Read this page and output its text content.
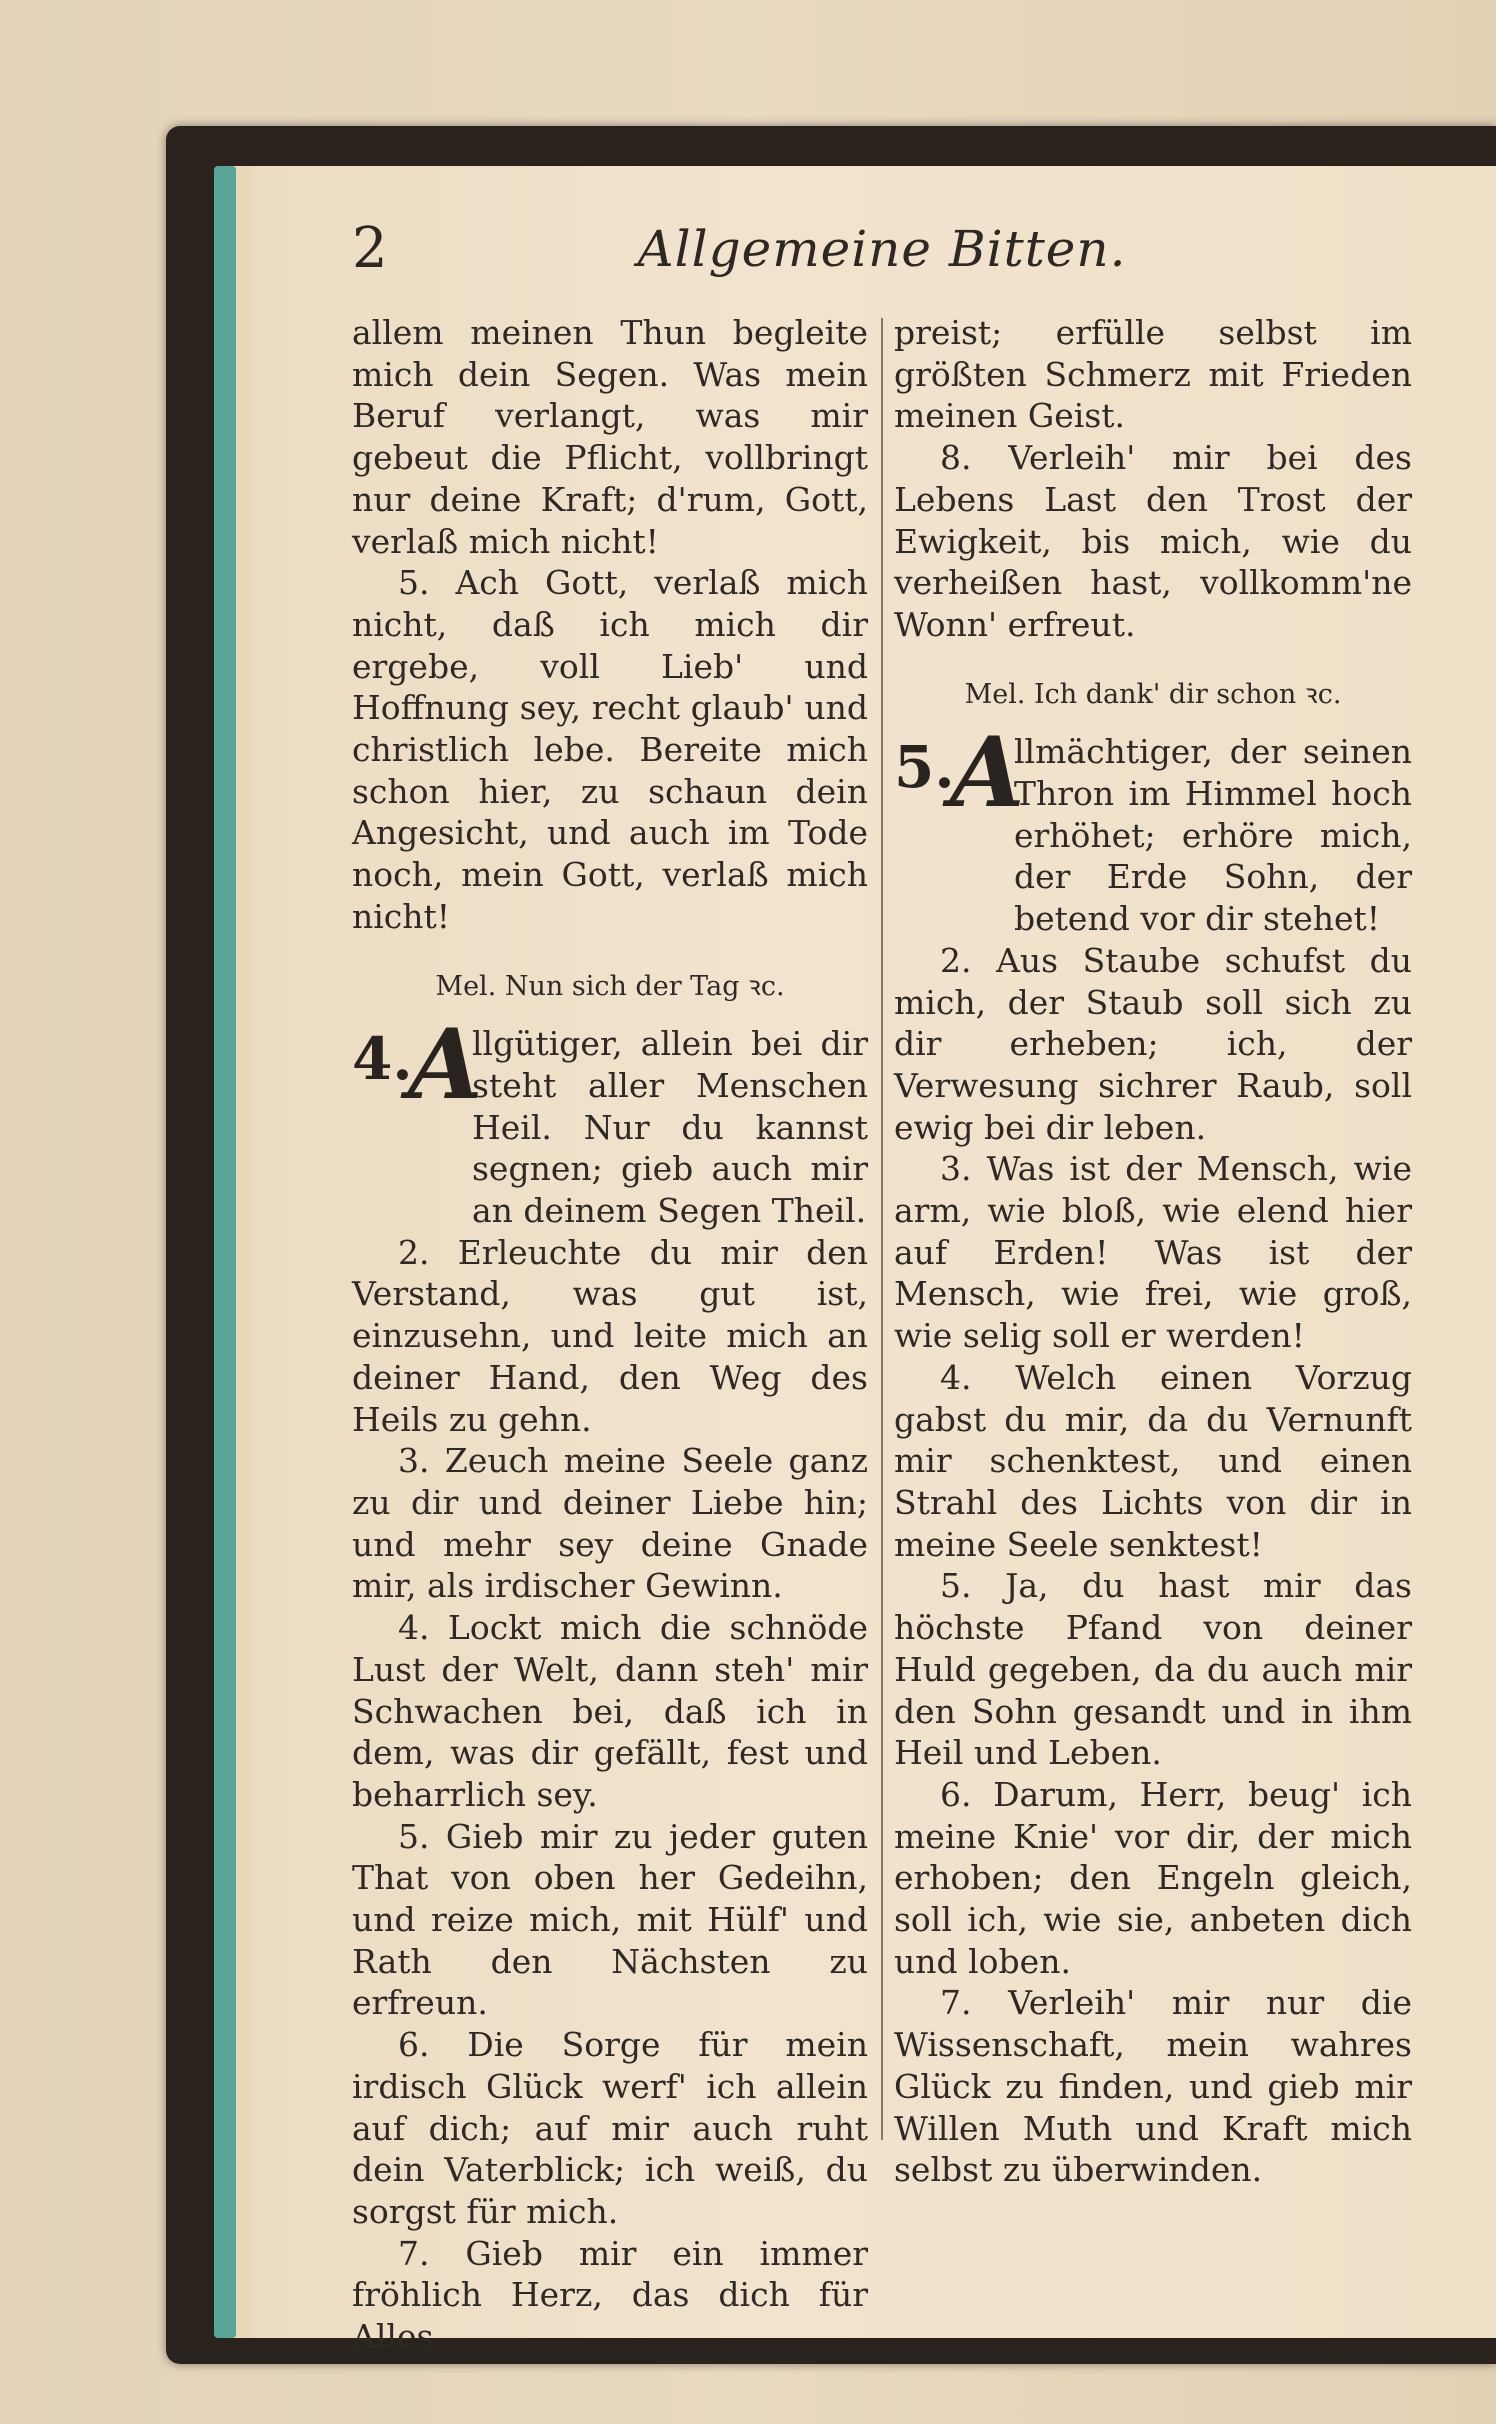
2	Allgemeine Bitten.

allem meinen Thun begleite mich dein Segen. Was mein Beruf verlangt, was mir gebeut die Pflicht, vollbringt nur deine Kraft; d'rum, Gott, verlaß mich nicht!

5. Ach Gott, verlaß mich nicht, daß ich mich dir ergebe, voll Lieb' und Hoffnung sey, recht glaub' und christlich lebe. Bereite mich schon hier, zu schaun dein Angesicht, und auch im Tode noch, mein Gott, verlaß mich nicht!

Mel. Nun sich der Tag ꝛc.

4.
A

llgütiger, allein bei dir steht aller Menschen Heil. Nur du kannst segnen; gieb auch mir an deinem Segen Theil.

2. Erleuchte du mir den Verstand, was gut ist, einzusehn, und leite mich an deiner Hand, den Weg des Heils zu gehn.

3. Zeuch meine Seele ganz zu dir und deiner Liebe hin; und mehr sey deine Gnade mir, als irdischer Gewinn.

4. Lockt mich die schnöde Lust der Welt, dann steh' mir Schwachen bei, daß ich in dem, was dir gefällt, fest und beharrlich sey.

5. Gieb mir zu jeder guten That von oben her Gedeihn, und reize mich, mit Hülf' und Rath den Nächsten zu erfreun.

6. Die Sorge für mein irdisch Glück werf' ich allein auf dich; auf mir auch ruht dein Vaterblick; ich weiß, du sorgst für mich.

7. Gieb mir ein immer fröhlich Herz, das dich für Alles

preist; erfülle selbst im größten Schmerz mit Frieden meinen Geist.

8. Verleih' mir bei des Lebens Last den Trost der Ewigkeit, bis mich, wie du verheißen hast, vollkomm'ne Wonn' erfreut.

Mel. Ich dank' dir schon ꝛc.

5.
A

llmächtiger, der seinen Thron im Himmel hoch erhöhet; erhöre mich, der Erde Sohn, der betend vor dir stehet!

2. Aus Staube schufst du mich, der Staub soll sich zu dir erheben; ich, der Verwesung sichrer Raub, soll ewig bei dir leben.

3. Was ist der Mensch, wie arm, wie bloß, wie elend hier auf Erden! Was ist der Mensch, wie frei, wie groß, wie selig soll er werden!

4. Welch einen Vorzug gabst du mir, da du Vernunft mir schenktest, und einen Strahl des Lichts von dir in meine Seele senktest!

5. Ja, du hast mir das höchste Pfand von deiner Huld gegeben, da du auch mir den Sohn gesandt und in ihm Heil und Leben.

6. Darum, Herr, beug' ich meine Knie' vor dir, der mich erhoben; den Engeln gleich, soll ich, wie sie, anbeten dich und loben.

7. Verleih' mir nur die Wissenschaft, mein wahres Glück zu finden, und gieb mir Willen Muth und Kraft mich selbst zu überwinden.
